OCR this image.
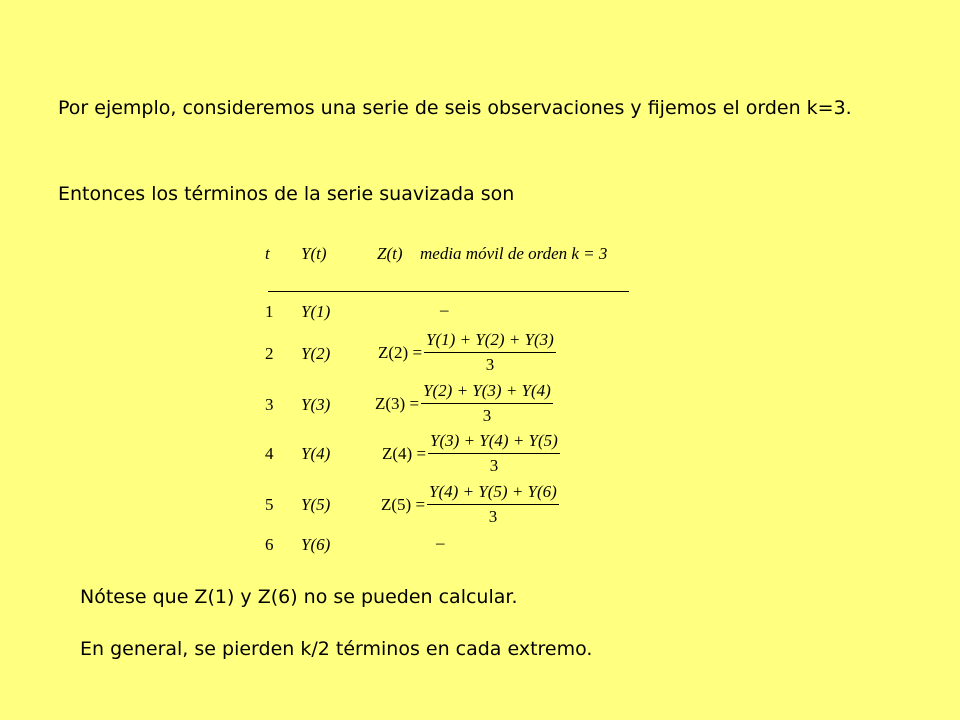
Por ejemplo, consideremos una serie de seis observaciones y fijemos el orden k=3.
Entonces los términos de la serie suavizada son
t Y(t)	Z(t) media móvil de orden k = 3
1 Y(1)	–
2 Y(2)	$Z(2) = \frac{Y(1) + Y(2) + Y(3)}{3}$
3 Y(3)	$Z(3) = \frac{Y(2) + Y(3) + Y(4)}{3}$
4 Y(4)	$Z(4) = \frac{Y(3) + Y(4) + Y(5)}{3}$
5 Y(5)	$Z(5) = \frac{Y(4) + Y(5) + Y(6)}{3}$
6 Y(6)	–
Nótese que Z(1) y Z(6) no se pueden calcular.
En general, se pierden k/2 términos en cada extremo.
